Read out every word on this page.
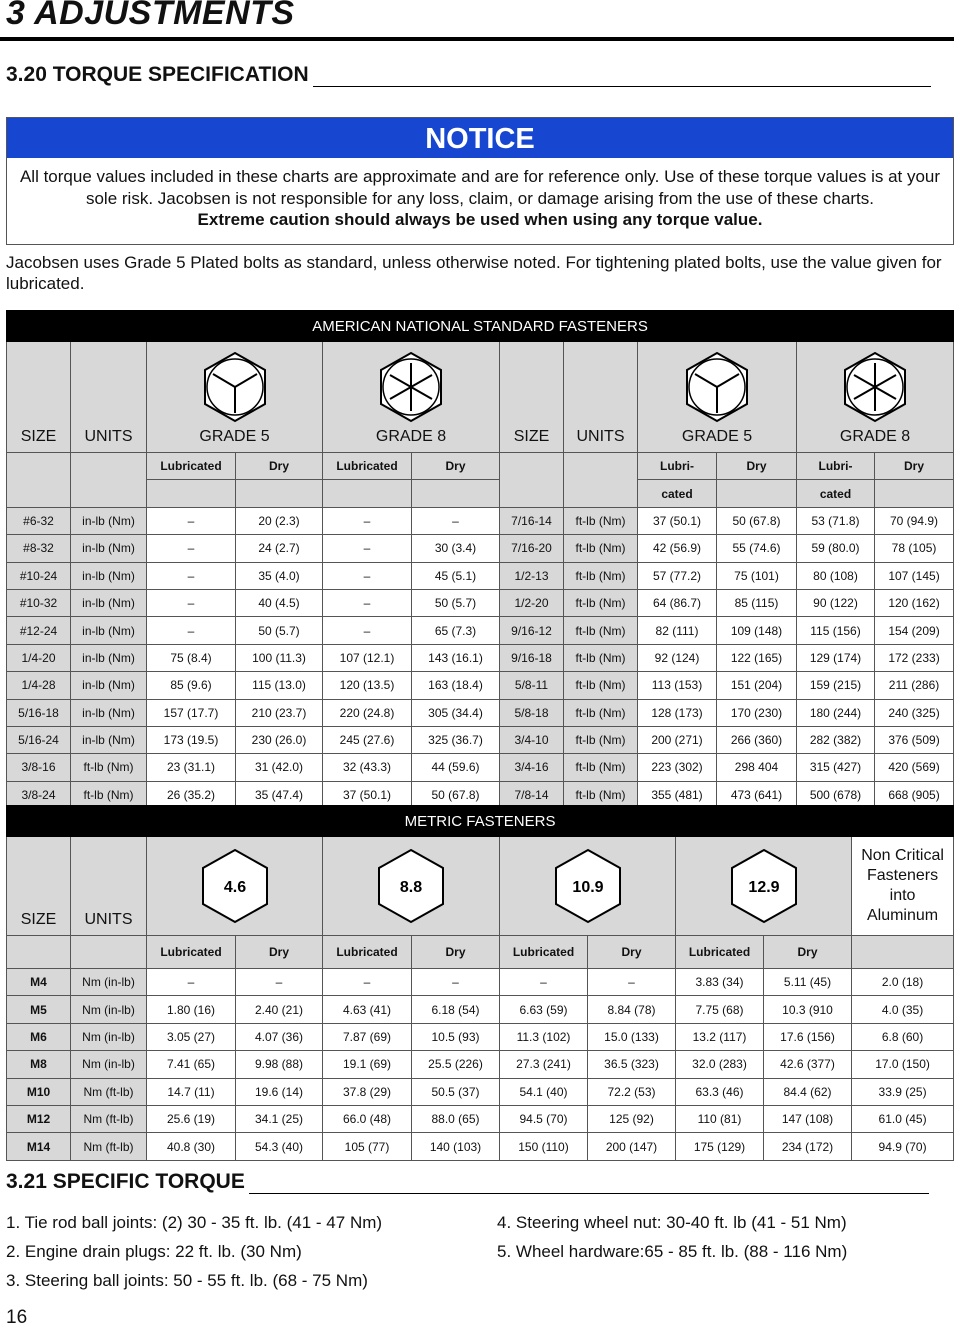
3 ADJUSTMENTS
3.20 TORQUE SPECIFICATION
NOTICE
All torque values included in these charts are approximate and are for reference only. Use of these torque values is at your sole risk. Jacobsen is not responsible for any loss, claim, or damage arising from the use of these charts.
Extreme caution should always be used when using any torque value.
Jacobsen uses Grade 5 Plated bolts as standard, unless otherwise noted. For tightening plated bolts, use the value given for lubricated.
AMERICAN NATIONAL STANDARD FASTENERS											
SIZE	UNITS	GRADE 5		GRADE 8		SIZE	UNITS	GRADE 5		GRADE 8	

		Lubricated	Dry	Lubricated	Dry			Lubri-	Dry	Lubri-	Dry
								cated		cated	
#6-32	in-lb (Nm)	–	20 (2.3)	–	–	7/16-14	ft-lb (Nm)	37 (50.1)	50 (67.8)	53 (71.8)	70 (94.9)
#8-32	in-lb (Nm)	–	24 (2.7)	–	30 (3.4)	7/16-20	ft-lb (Nm)	42 (56.9)	55 (74.6)	59 (80.0)	78 (105)
#10-24	in-lb (Nm)	–	35 (4.0)	–	45 (5.1)	1/2-13	ft-lb (Nm)	57 (77.2)	75 (101)	80 (108)	107 (145)
#10-32	in-lb (Nm)	–	40 (4.5)	–	50 (5.7)	1/2-20	ft-lb (Nm)	64 (86.7)	85 (115)	90 (122)	120 (162)
#12-24	in-lb (Nm)	–	50 (5.7)	–	65 (7.3)	9/16-12	ft-lb (Nm)	82 (111)	109 (148)	115 (156)	154 (209)
1/4-20	in-lb (Nm)	75 (8.4)	100 (11.3)	107 (12.1)	143 (16.1)	9/16-18	ft-lb (Nm)	92 (124)	122 (165)	129 (174)	172 (233)
1/4-28	in-lb (Nm)	85 (9.6)	115 (13.0)	120 (13.5)	163 (18.4)	5/8-11	ft-lb (Nm)	113 (153)	151 (204)	159 (215)	211 (286)
5/16-18	in-lb (Nm)	157 (17.7)	210 (23.7)	220 (24.8)	305 (34.4)	5/8-18	ft-lb (Nm)	128 (173)	170 (230)	180 (244)	240 (325)
5/16-24	in-lb (Nm)	173 (19.5)	230 (26.0)	245 (27.6)	325 (36.7)	3/4-10	ft-lb (Nm)	200 (271)	266 (360)	282 (382)	376 (509)
3/8-16	ft-lb (Nm)	23 (31.1)	31 (42.0)	32 (43.3)	44 (59.6)	3/4-16	ft-lb (Nm)	223 (302)	298 404	315 (427)	420 (569)
3/8-24	ft-lb (Nm)	26 (35.2)	35 (47.4)	37 (50.1)	50 (67.8)	7/8-14	ft-lb (Nm)	355 (481)	473 (641)	500 (678)	668 (905)
METRIC FASTENERS										
SIZE	UNITS	4.6		8.8		10.9		12.9		Non Critical
Fasteners
into
Aluminum
		Lubricated	Dry	Lubricated	Dry	Lubricated	Dry	Lubricated	Dry	
M4	Nm (in-lb)	–	–	–	–	–	–	3.83 (34)	5.11 (45)	2.0 (18)
M5	Nm (in-lb)	1.80 (16)	2.40 (21)	4.63 (41)	6.18 (54)	6.63 (59)	8.84 (78)	7.75 (68)	10.3 (910	4.0 (35)
M6	Nm (in-lb)	3.05 (27)	4.07 (36)	7.87 (69)	10.5 (93)	11.3 (102)	15.0 (133)	13.2 (117)	17.6 (156)	6.8 (60)
M8	Nm (in-lb)	7.41 (65)	9.98 (88)	19.1 (69)	25.5 (226)	27.3 (241)	36.5 (323)	32.0 (283)	42.6 (377)	17.0 (150)
M10	Nm (ft-lb)	14.7 (11)	19.6 (14)	37.8 (29)	50.5 (37)	54.1 (40)	72.2 (53)	63.3 (46)	84.4 (62)	33.9 (25)
M12	Nm (ft-lb)	25.6 (19)	34.1 (25)	66.0 (48)	88.0 (65)	94.5 (70)	125 (92)	110 (81)	147 (108)	61.0 (45)
M14	Nm (ft-lb)	40.8 (30)	54.3 (40)	105 (77)	140 (103)	150 (110)	200 (147)	175 (129)	234 (172)	94.9 (70)
3.21 SPECIFIC TORQUE
1. Tie rod ball joints: (2) 30 - 35 ft. lb. (41 - 47 Nm)
2. Engine drain plugs: 22 ft. lb. (30 Nm)
3. Steering ball joints: 50 - 55 ft. lb. (68 - 75 Nm)
4. Steering wheel nut: 30-40 ft. lb (41 - 51 Nm)
5. Wheel hardware:65 - 85 ft. lb. (88 - 116 Nm)
16
